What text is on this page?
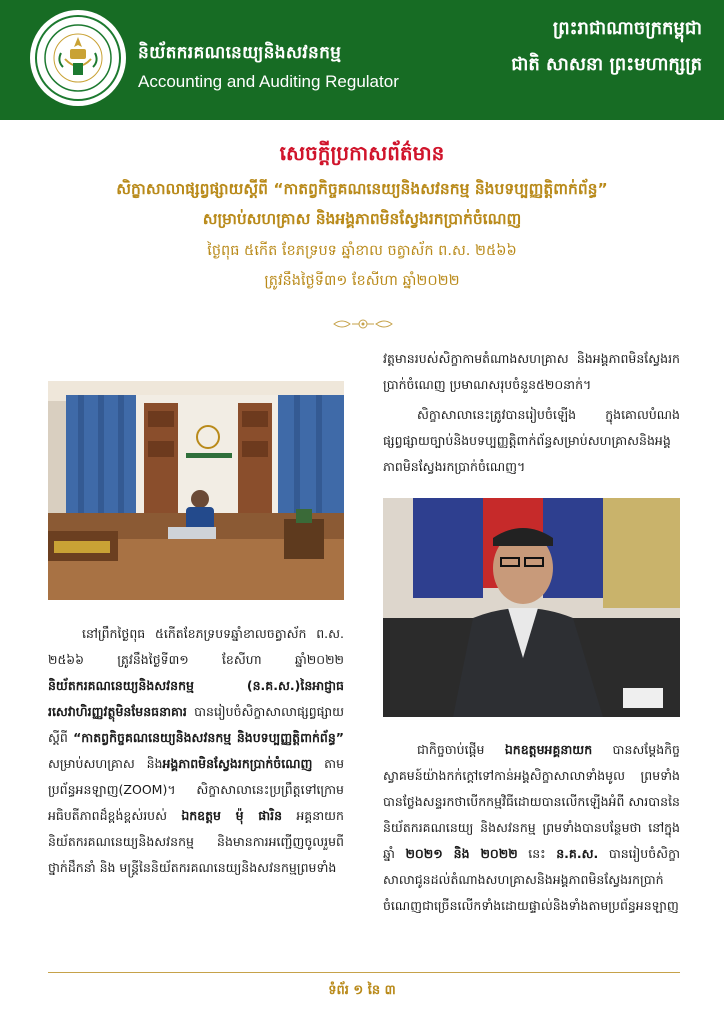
និយ័តករគណនេយ្យនិងសវនកម្ម
Accounting and Auditing Regulator
ព្រះរាជាណាចក្រកម្ពុជា
ជាតិ សាសនា ព្រះមហាក្សត្រ
សេចក្តីប្រកាសព័ត៌មាន
សិក្ខាសាលាផ្សព្វផ្សាយស្តីពី “កាតព្វកិច្ចគណនេយ្យនិងសវនកម្ម និងបទប្បញ្ញត្តិពាក់ព័ន្ធ”
សម្រាប់សហគ្រាស និងអង្គភាពមិនស្វែងរកប្រាក់ចំណេញ
ថ្ងៃពុធ ៥កើត ខែភទ្របទ ឆ្នាំខាល ចត្វាស័ក ព.ស. ២៥៦៦
ត្រូវនឹងថ្ងៃទី៣១ ខែសីហា ឆ្នាំ២០២២

នៅព្រឹកថ្ងៃពុធ ៥កើតខែភទ្របទឆ្នាំខាលចត្វាស័ក ព.ស. ២៥៦៦ ត្រូវនឹងថ្ងៃទី៣១ ខែសីហា ឆ្នាំ២០២២ និយ័តករគណនេយ្យនិងសវនកម្ម (ន.គ.ស.)នៃអាជ្ញាធរសេវាហិរញ្ញវត្ថុមិនមែនធនាគារ បានរៀបចំសិក្ខាសាលាផ្សព្វផ្សាយស្តីពី “កាតព្វកិច្ចគណនេយ្យនិងសវនកម្ម និងបទប្បញ្ញត្តិពាក់ព័ន្ធ” សម្រាប់សហគ្រាស និងអង្គភាពមិនស្វែងរកប្រាក់ចំណេញ តាមប្រព័ន្ធអនឡាញ(ZOOM)។ សិក្ខាសាលានេះប្រព្រឹត្តទៅក្រោមអធិបតីភាពដ៏ខ្ពង់ខ្ពស់របស់ ឯកឧត្តម ម៉ុ ផារិន អគ្គនាយកនិយ័តករគណនេយ្យនិងសវនកម្ម និងមានការអញ្ជើញចូលរួមពីថ្នាក់ដឹកនាំ និង មន្ត្រីនៃនិយ័តករគណនេយ្យនិងសវនកម្មព្រមទាំង

វត្តមានរបស់សិក្ខាកាមតំណាងសហគ្រាស និងអង្គភាពមិនស្វែងរកប្រាក់ចំណេញ ប្រមាណសរុបចំនួន៥២០នាក់។

សិក្ខាសាលានេះត្រូវបានរៀបចំឡើង ក្នុងគោលបំណងផ្សព្វផ្សាយច្បាប់និងបទប្បញ្ញត្តិពាក់ព័ន្ធសម្រាប់សហគ្រាសនិងអង្គភាពមិនស្វែងរកប្រាក់ចំណេញ។

ជាកិច្ចចាប់ផ្តើម ឯកឧត្តមអគ្គនាយក បានសម្តែងកិច្ចស្វាគមន៍យ៉ាងកក់ក្តៅទៅកាន់អង្គសិក្ខាសាលាទាំងមូល ព្រមទាំងបានថ្លែងសន្ទរកថាបើកកម្មវិធីដោយបានលើកឡើងអំពី សារបាននៃនិយ័តករគណនេយ្យ និងសវនកម្ម ព្រមទាំងបានបន្ថែមថា នៅក្នុងឆ្នាំ ២០២១ និង ២០២២ នេះ ន.គ.ស. បានរៀបចំសិក្ខាសាលាជូនដល់តំណាងសហគ្រាសនិងអង្គភាពមិនស្វែងរកប្រាក់ចំណេញជាច្រើនលើកទាំងដោយផ្ទាល់និងទាំងតាមប្រព័ន្ធអនឡាញ

ទំព័រ ១ នៃ ៣
